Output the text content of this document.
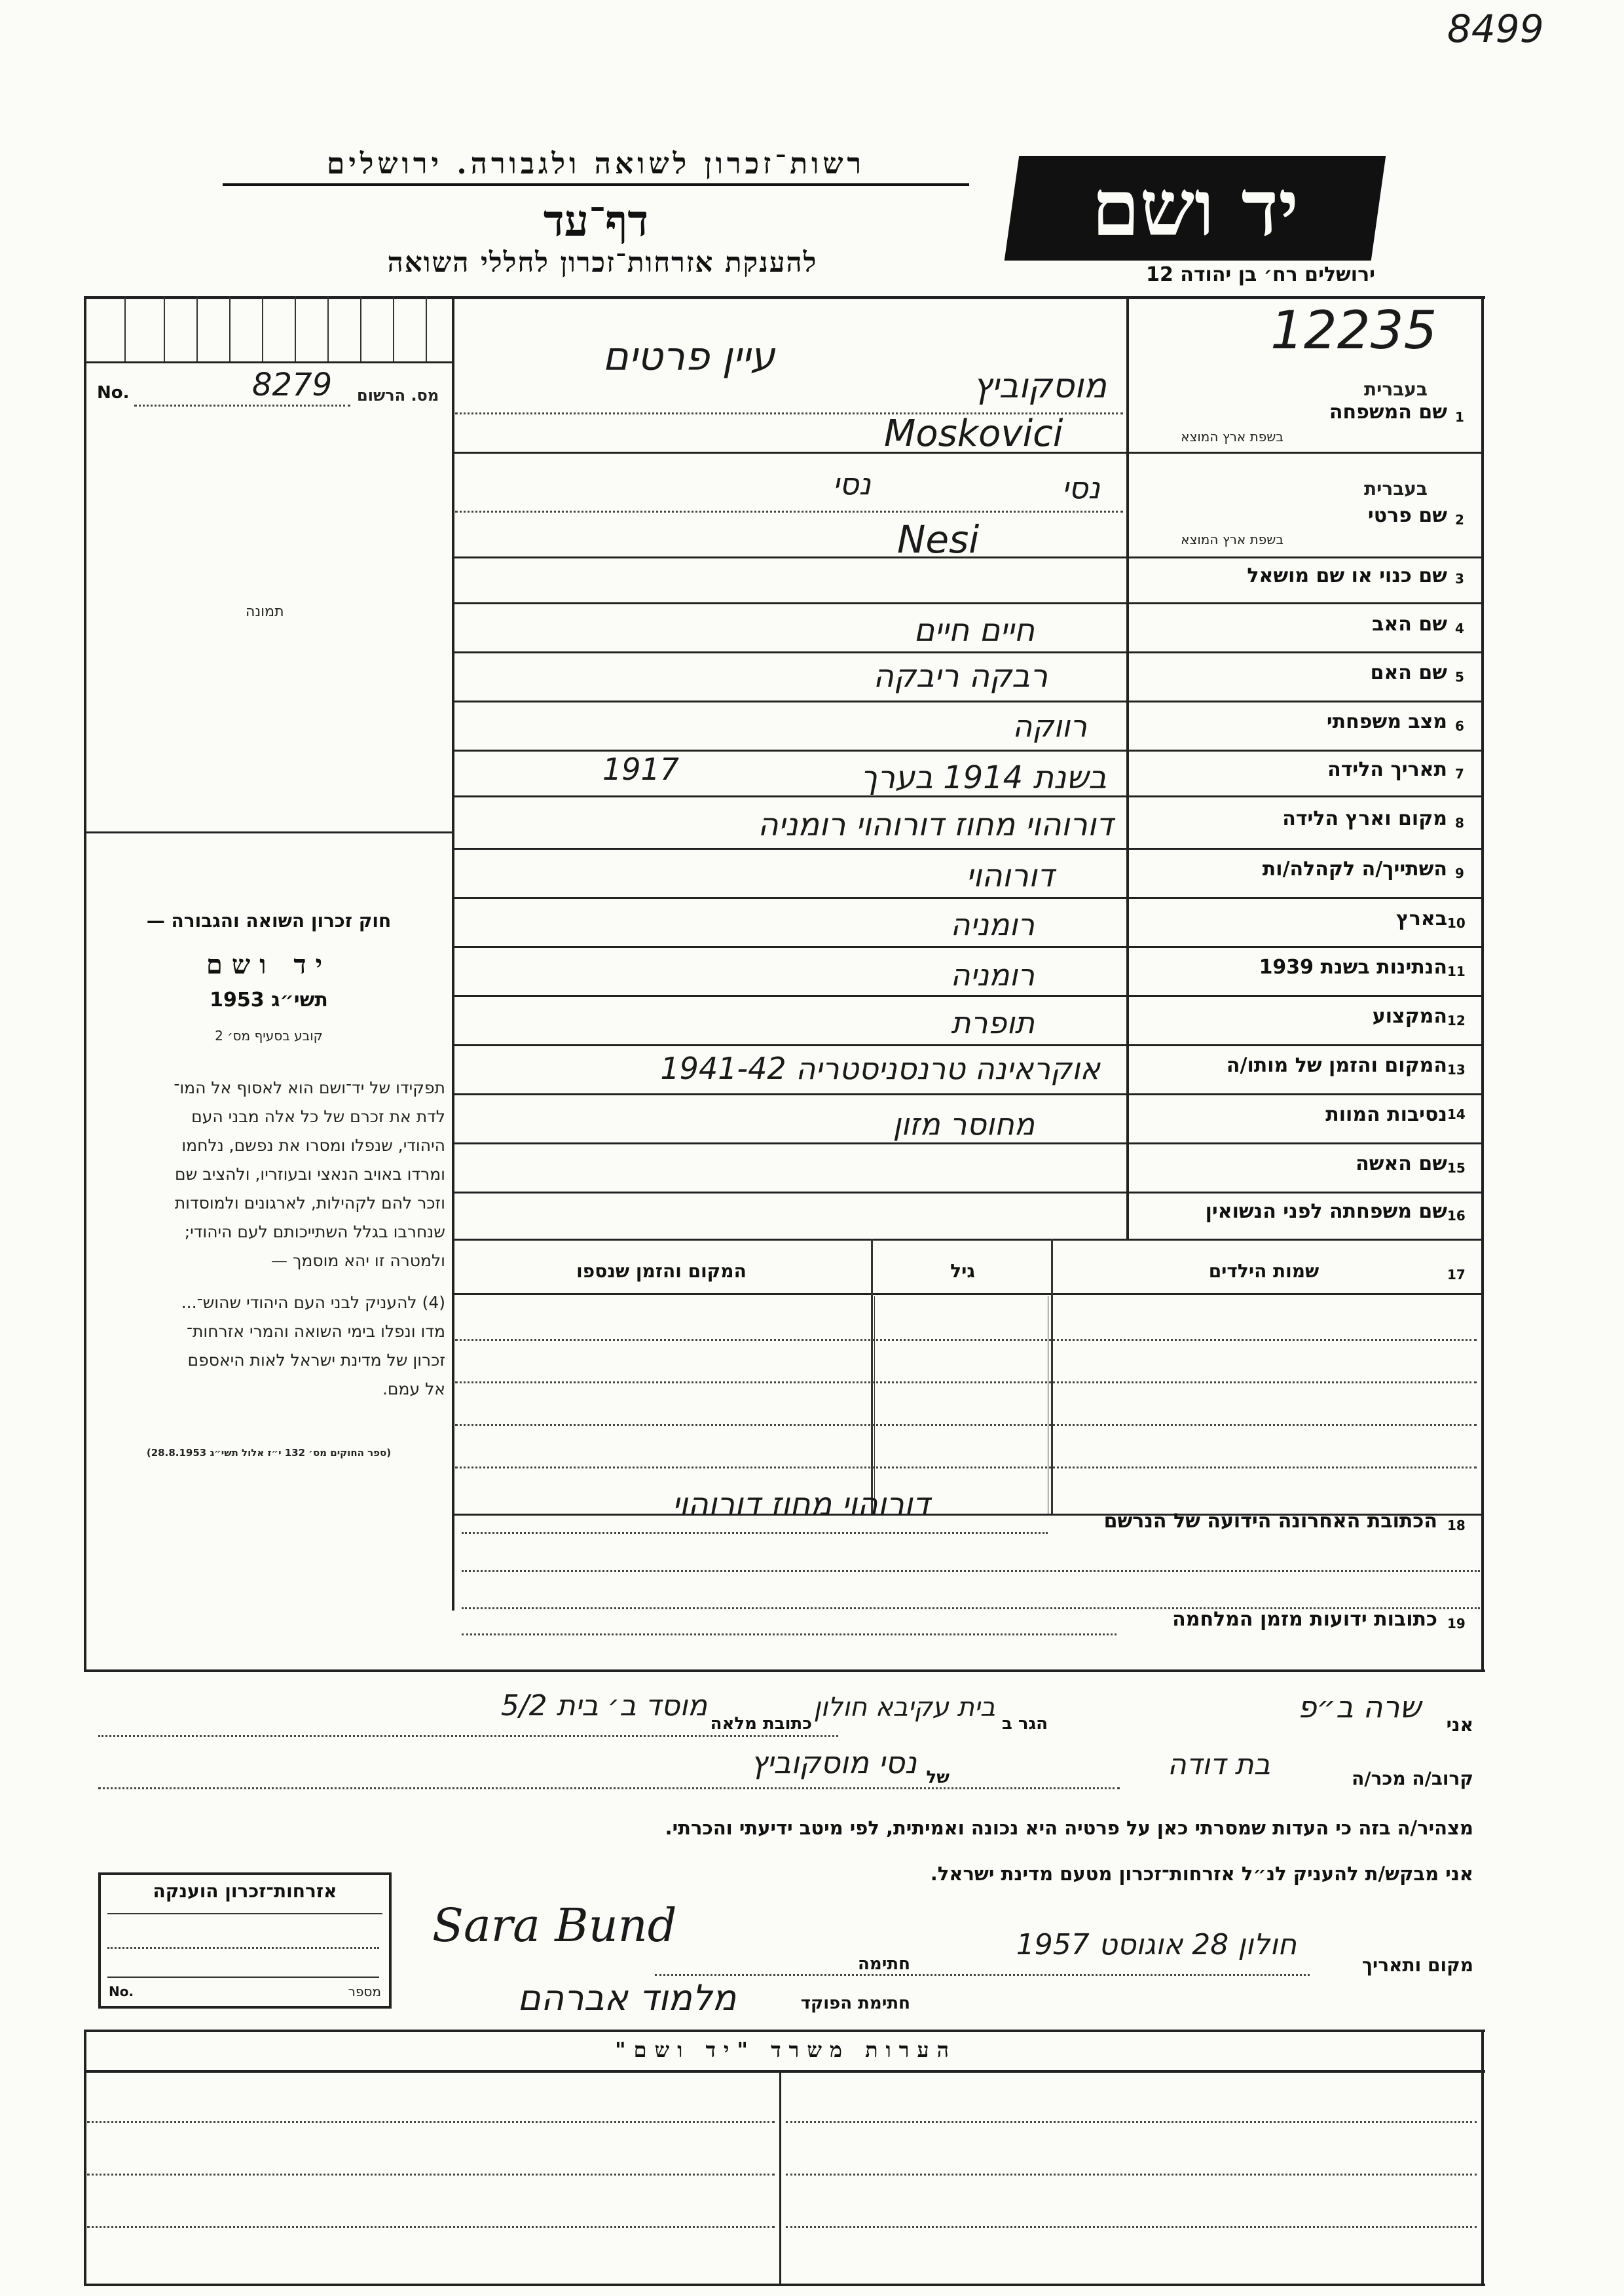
8499
רשות־זכרון לשואה ולגבורה. ירושלים
דף־עד
להענקת אזרחות־זכרון לחללי השואה
יד ושם
ירושלים רח׳ בן יהודה 12
No.	8279 מס. הרשום
תמונה
12235
עיין פרטים
חוק זכרון השואה והגבורה —
יד ושם
תשי״ג 1953
קובע בסעיף מס׳ 2
תפקידו של יד־ושם הוא לאסוף אל המו־
לדת את זכרם של כל אלה מבני העם
היהודי, שנפלו ומסרו את נפשם, נלחמו
ומרדו באויב הנאצי ובעוזריו, ולהציב שם
וזכר להם לקהילות, לארגונים ולמוסדות
שנחרבו בגלל השתייכותם לעם היהודי;
ולמטרה זו יהא מוסמך —
(4) להעניק לבני העם היהודי שהוש־...
מדו ונפלו בימי השואה והמרי אזרחות־
זכרון של מדינת ישראל לאות היאספם
אל עמם.
(ספר החוקים מס׳ 132 י״ז אלול תשי״ג 28.8.1953)
1
שם המשפחה
בעברית
בשפת ארץ המוצא
מוסקוביץ
Moskovici
2
שם פרטי
בעברית
בשפת ארץ המוצא
נסי
נסי
Nesi
3
שם כנוי או שם מושאל
4
שם האב
חיים חיים
5
שם האם
רבקה ריבקה
6
מצב משפחתי
רווקה
7
תאריך הלידה
בשנת 1914 בערך
1917
8
מקום וארץ הלידה
דורוהוי מחוז דורוהוי רומניה
9
השתייך/ה לקהלה/ות
דורוהוי
10
בארץ
רומניה
11
הנתינות בשנת 1939
רומניה
12
המקצוע
תופרת
13
המקום והזמן של מותו/ה
אוקראינה טרנסניסטריה 1941-42
14
נסיבות המוות
מחוסר מזון
15
שם האשה
16
שם משפחתה לפני הנשואין
17
שמות הילדים
גיל
המקום והזמן שנספו
18
הכתובת האחרונה הידועה של הנרשם
דורוהוי מחוז דורוהוי
19
כתובות ידועות מזמן המלחמה
אני
שרה ב״פ
הגר ב
בית עקיבא חולון
כתובת מלאה
מוסד ב׳ בית 5/2
קרוב/ה מכר/ה
בת דודה
של
נסי מוסקוביץ
מצהיר/ה בזה כי העדות שמסרתי כאן על פרטיה היא נכונה ואמיתית, לפי מיטב ידיעתי והכרתי.
אני מבקש/ת להעניק לנ״ל אזרחות־זכרון מטעם מדינת ישראל.
מקום ותאריך
חולון 28 אוגוסט 1957
חתימה
Sara Bund
חתימת הפוקד
מלמוד אברהם
אזרחות־זכרון הוענקה
No.	מספר
הערות משרד "יד ושם"
